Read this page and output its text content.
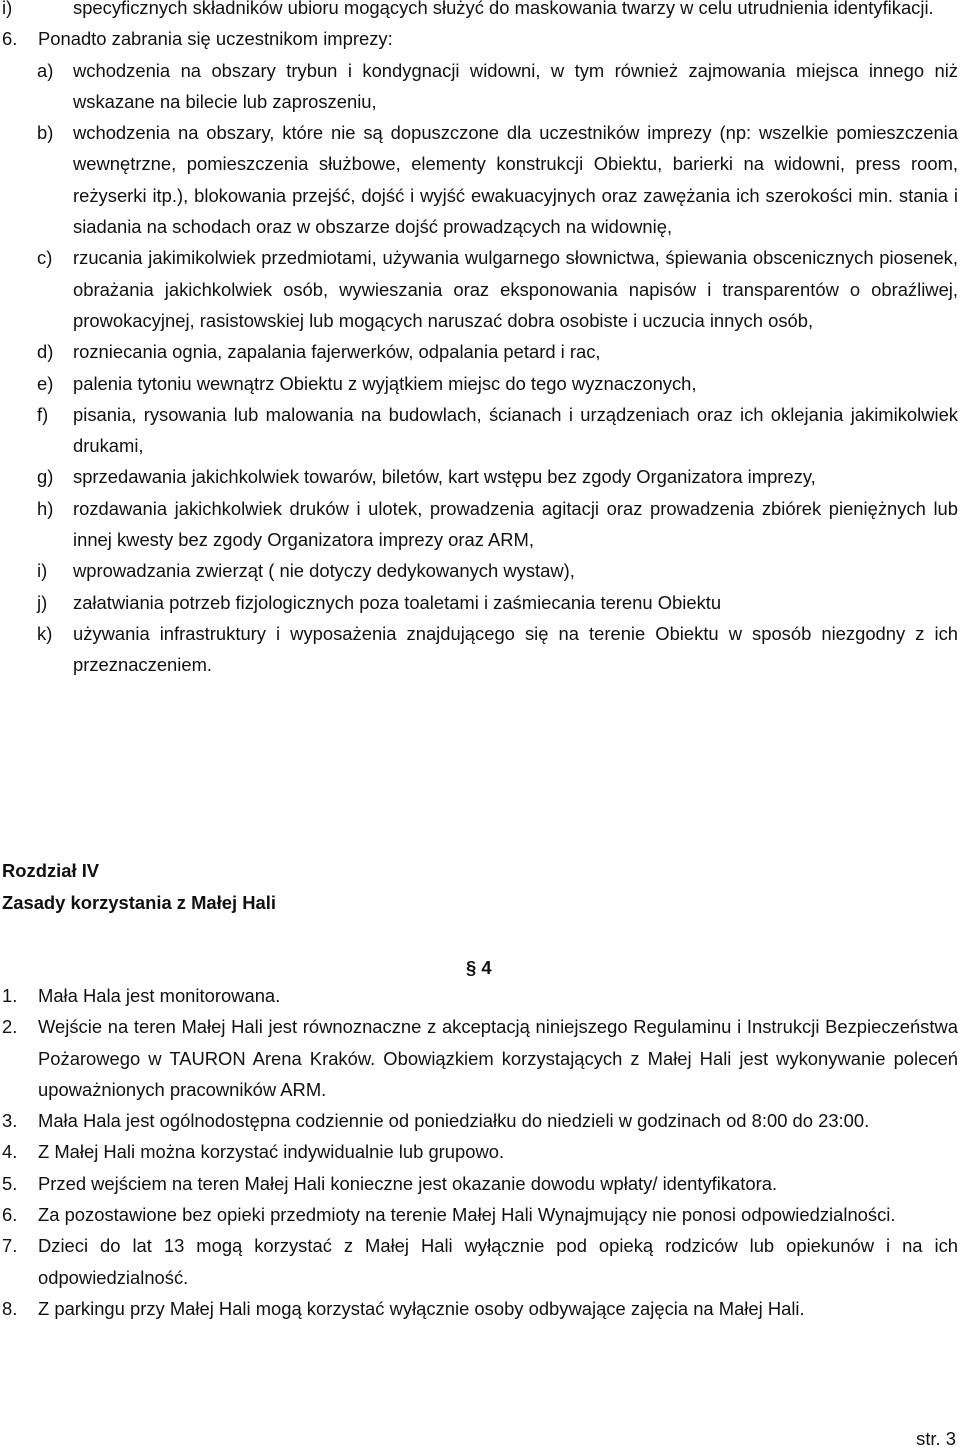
i)	specyficznych składników ubioru mogących służyć do maskowania twarzy w celu utrudnienia identyfikacji.
6. Ponadto zabrania się uczestnikom imprezy:
a) wchodzenia na obszary trybun i kondygnacji widowni, w tym również zajmowania miejsca innego niż wskazane na bilecie lub zaproszeniu,
b) wchodzenia na obszary, które nie są dopuszczone dla uczestników imprezy (np: wszelkie pomieszczenia wewnętrzne, pomieszczenia służbowe, elementy konstrukcji Obiektu, barierki na widowni, press room, reżyserki itp.), blokowania przejść, dojść i wyjść ewakuacyjnych oraz zawężania ich szerokości min. stania i siadania na schodach oraz w obszarze dojść prowadzących na widownię,
c) rzucania jakimikolwiek przedmiotami, używania wulgarnego słownictwa, śpiewania obscenicznych piosenek, obrażania jakichkolwiek osób, wywieszania oraz eksponowania napisów i transparentów o obraźliwej, prowokacyjnej, rasistowskiej lub mogących naruszać dobra osobiste i uczucia innych osób,
d) rozniecania ognia, zapalania fajerwerków, odpalania petard i rac,
e) palenia tytoniu wewnątrz Obiektu z wyjątkiem miejsc do tego wyznaczonych,
f) pisania, rysowania lub malowania na budowlach, ścianach i urządzeniach oraz ich oklejania jakimikolwiek drukami,
g) sprzedawania jakichkolwiek towarów, biletów, kart wstępu bez zgody Organizatora imprezy,
h) rozdawania jakichkolwiek druków i ulotek, prowadzenia agitacji oraz prowadzenia zbiórek pieniężnych lub innej kwesty bez zgody Organizatora imprezy oraz ARM,
i) wprowadzania zwierząt ( nie dotyczy dedykowanych wystaw),
j) załatwiania potrzeb fizjologicznych poza toaletami i zaśmiecania terenu Obiektu
k) używania infrastruktury i wyposażenia znajdującego się na terenie Obiektu w sposób niezgodny z ich przeznaczeniem.
Rozdział IV
Zasady korzystania z Małej Hali
§ 4
1. Mała Hala jest monitorowana.
2. Wejście na teren Małej Hali jest równoznaczne z akceptacją niniejszego Regulaminu i Instrukcji Bezpieczeństwa Pożarowego w TAURON Arena Kraków. Obowiązkiem korzystających z Małej Hali jest wykonywanie poleceń upoważnionych pracowników ARM.
3. Mała Hala jest ogólnodostępna codziennie od poniedziałku do niedzieli w godzinach od 8:00 do 23:00.
4. Z Małej Hali można korzystać indywidualnie lub grupowo.
5. Przed wejściem na teren Małej Hali konieczne jest okazanie dowodu wpłaty/ identyfikatora.
6. Za pozostawione bez opieki przedmioty na terenie Małej Hali Wynajmujący nie ponosi odpowiedzialności.
7. Dzieci do lat 13 mogą korzystać z Małej Hali wyłącznie pod opieką rodziców lub opiekunów i na ich odpowiedzialność.
8. Z parkingu przy Małej Hali mogą korzystać wyłącznie osoby odbywające zajęcia na Małej Hali.
str. 3
